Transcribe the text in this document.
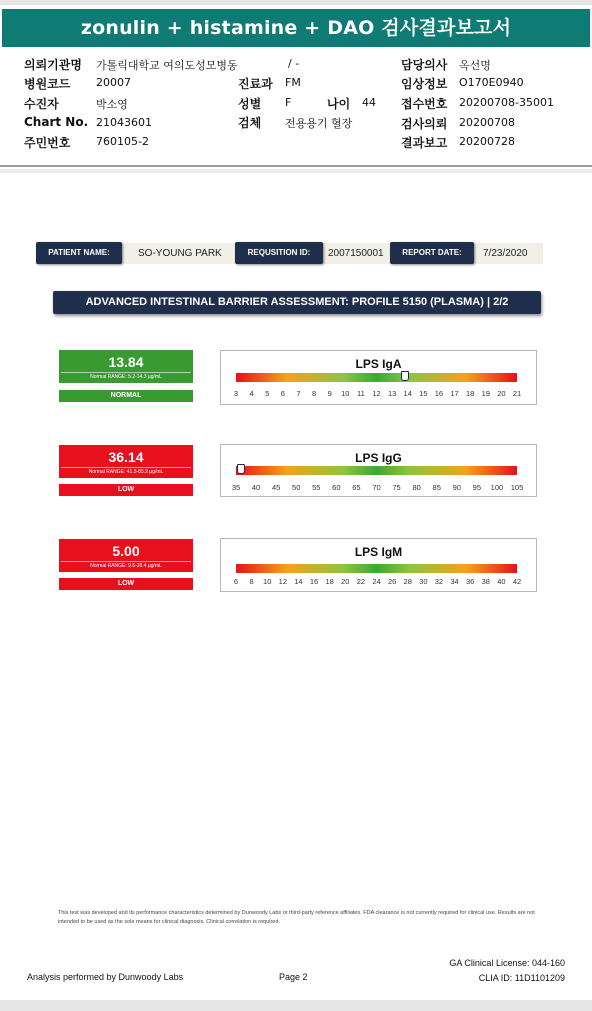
zonulin + histamine + DAO 검사결과보고서
의뢰기관명 가톨릭대학교 여의도성모병동	/ -
병원코드 20007
수진자	박소영
Chart No. 21043601
주민번호 760105-2
진료과 FM
성별 F	나이 44
검체 전용용기 혈장
담당의사 옥선명
임상정보 O170E0940
접수번호 20200708-35001
검사의뢰 20200708
결과보고 20200728
PATIENT NAME:	SO-YOUNG PARK	REQUSITION ID:	2007150001	REPORT DATE:	7/23/2020
ADVANCED INTESTINAL BARRIER ASSESSMENT: PROFILE 5150 (PLASMA) | 2/2
13.84
Normal RANGE: 5.2-14.3 µg/mL
NORMAL
LPS IgA
3 4 5 6 7 8 9 10 11 12 13 14 15 16 17 18 19 20 21
36.14
Normal RANGE: 41.5-85.9 µg/mL
LOW
LPS IgG
35 40 45 50 55 60 65 70 75 80 85 90 95 100 105
5.00
Normal RANGE: 9.6-28.4 µg/mL
LOW
LPS IgM
6 8 10 12 14 16 18 20 22 24 26 28 30 32 34 36 38 40 42
This test was developed and its performance characteristics determined by Dunwoody Labs or third-party reference affiliates. FDA clearance is not currently required for clinical use. Results are not intended to be used as the sole means for clinical diagnosis. Clinical correlation is required.
Analysis performed by Dunwoody Labs	Page 2
GA Clinical License: 044-160
CLIA ID: 11D1101209
